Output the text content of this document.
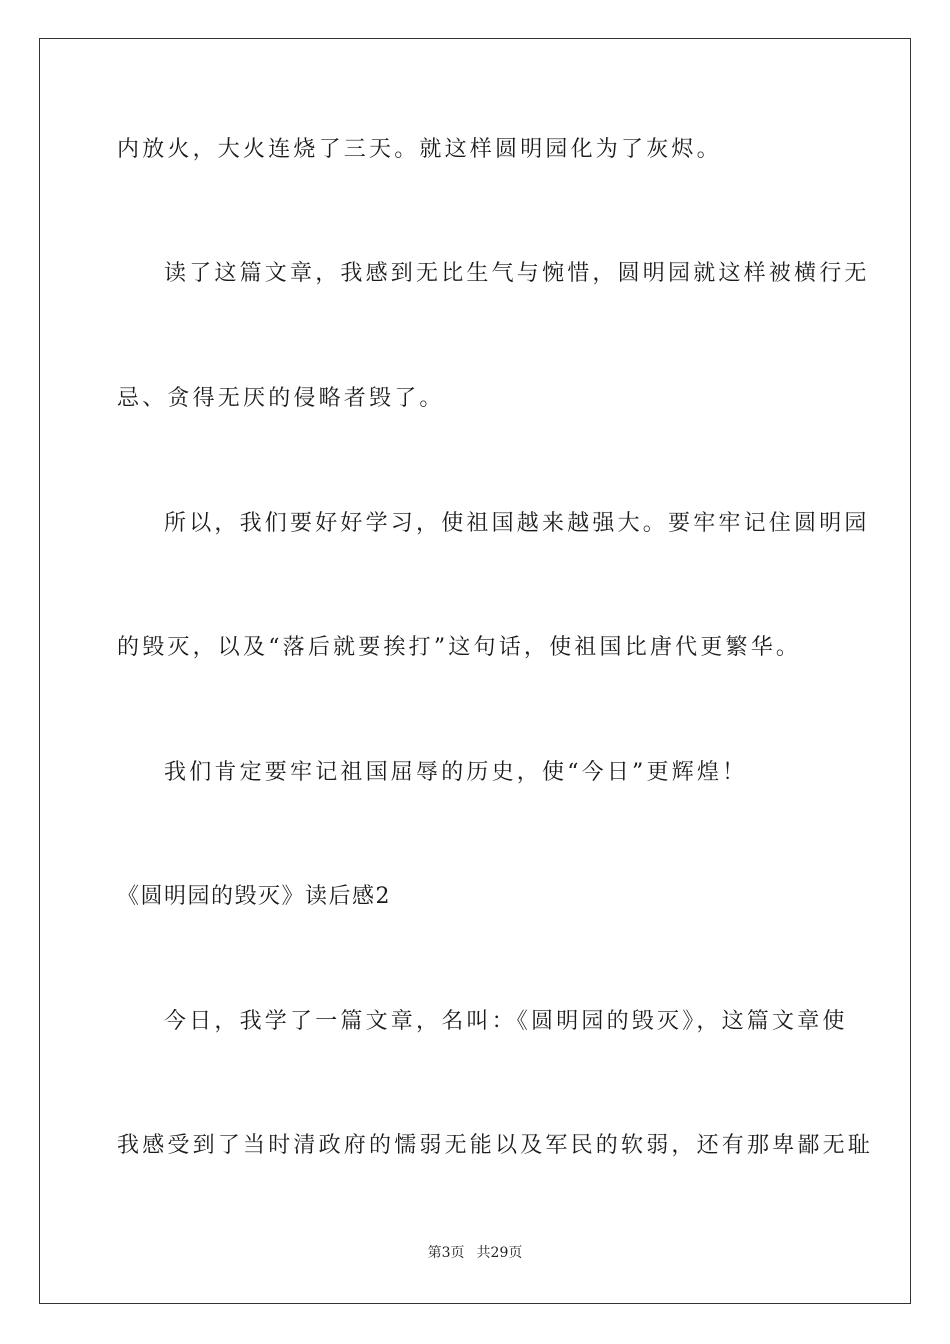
内放火，大火连烧了三天。就这样圆明园化为了灰烬。
读了这篇文章，我感到无比生气与惋惜，圆明园就这样被横行无
忌、贪得无厌的侵略者毁了。
所以，我们要好好学习，使祖国越来越强大。要牢牢记住圆明园
的毁灭，以及“落后就要挨打”这句话，使祖国比唐代更繁华。
我们肯定要牢记祖国屈辱的历史，使“今日”更辉煌！
《圆明园的毁灭》读后感2
今日，我学了一篇文章，名叫：《圆明园的毁灭》，这篇文章使
我感受到了当时清政府的懦弱无能以及军民的软弱，还有那卑鄙无耻
第3页 共29页
